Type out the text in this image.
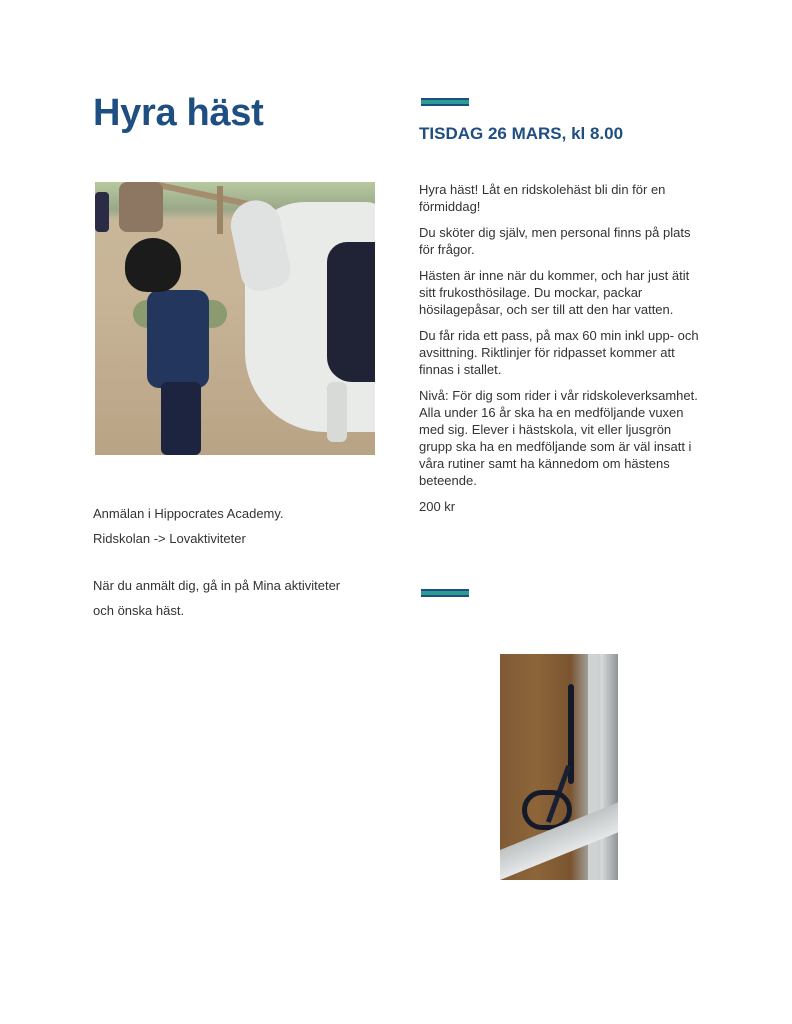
Hyra häst	TISDAG 26 MARS, kl 8.00

Hyra häst! Låt en ridskolehäst bli din för en förmiddag!

Du sköter dig själv, men personal finns på plats för frågor.

Hästen är inne när du kommer, och har just ätit sitt frukosthösilage. Du mockar, packar hösilagepåsar, och ser till att den har vatten.

Du får rida ett pass, på max 60 min inkl upp- och avsittning. Riktlinjer för ridpasset kommer att finnas i stallet.

Nivå: För dig som rider i vår ridskoleverksamhet. Alla under 16 år ska ha en medföljande vuxen med sig. Elever i hästskola, vit eller ljusgrön grupp ska ha en medföljande som är väl insatt i våra rutiner samt ha kännedom om hästens beteende.

200 kr

Anmälan i Hippocrates Academy.

Ridskolan -> Lovaktiviteter

När du anmält dig, gå in på Mina aktiviteter

och önska häst.
